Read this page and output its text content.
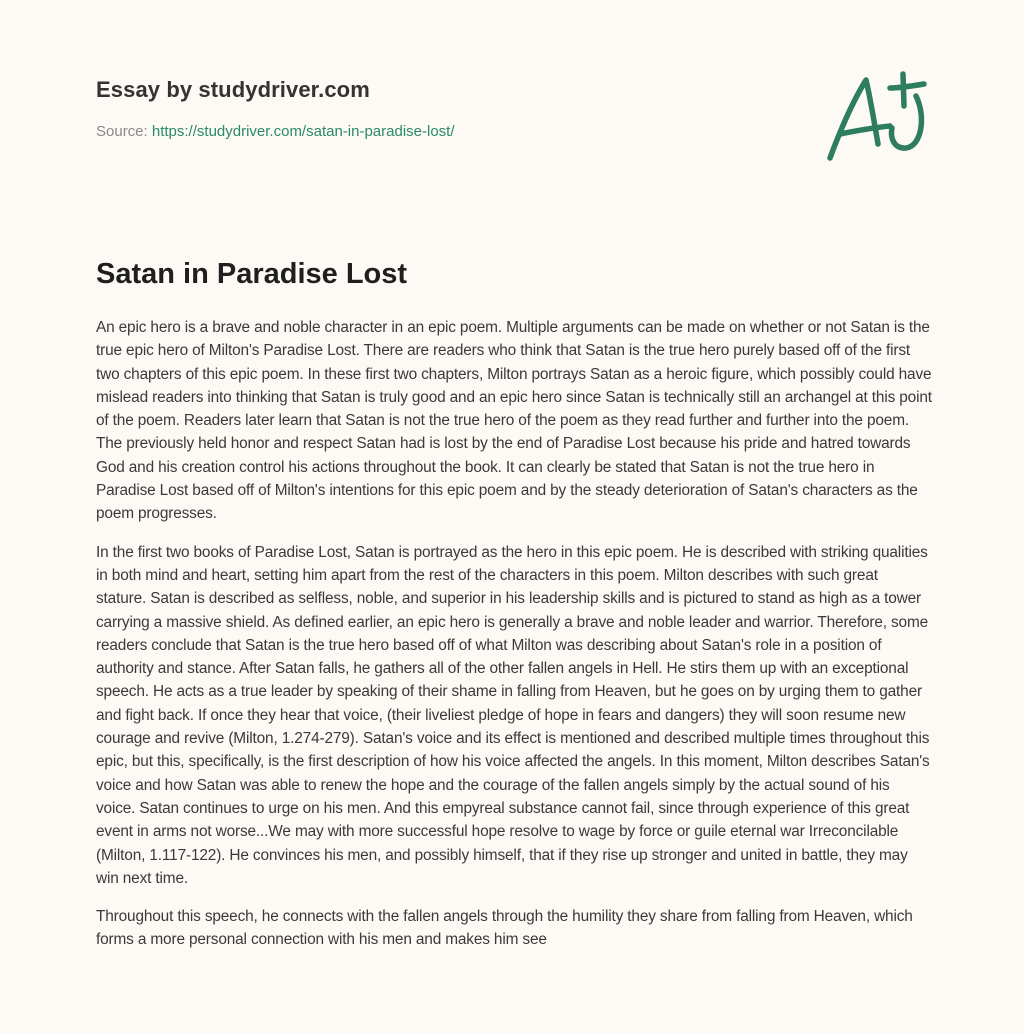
Essay by studydriver.com
Source: https://studydriver.com/satan-in-paradise-lost/
Satan in Paradise Lost

An epic hero is a brave and noble character in an epic poem. Multiple arguments can be made on whether or not Satan is the true epic hero of Milton's Paradise Lost. There are readers who think that Satan is the true hero purely based off of the first two chapters of this epic poem. In these first two chapters, Milton portrays Satan as a heroic figure, which possibly could have mislead readers into thinking that Satan is truly good and an epic hero since Satan is technically still an archangel at this point of the poem. Readers later learn that Satan is not the true hero of the poem as they read further and further into the poem. The previously held honor and respect Satan had is lost by the end of Paradise Lost because his pride and hatred towards God and his creation control his actions throughout the book. It can clearly be stated that Satan is not the true hero in Paradise Lost based off of Milton's intentions for this epic poem and by the steady deterioration of Satan's characters as the poem progresses.

In the first two books of Paradise Lost, Satan is portrayed as the hero in this epic poem. He is described with striking qualities in both mind and heart, setting him apart from the rest of the characters in this poem. Milton describes with such great stature. Satan is described as selfless, noble, and superior in his leadership skills and is pictured to stand as high as a tower carrying a massive shield. As defined earlier, an epic hero is generally a brave and noble leader and warrior. Therefore, some readers conclude that Satan is the true hero based off of what Milton was describing about Satan's role in a position of authority and stance. After Satan falls, he gathers all of the other fallen angels in Hell. He stirs them up with an exceptional speech. He acts as a true leader by speaking of their shame in falling from Heaven, but he goes on by urging them to gather and fight back. If once they hear that voice, (their liveliest pledge of hope in fears and dangers) they will soon resume new courage and revive (Milton, 1.274-279). Satan's voice and its effect is mentioned and described multiple times throughout this epic, but this, specifically, is the first description of how his voice affected the angels. In this moment, Milton describes Satan's voice and how Satan was able to renew the hope and the courage of the fallen angels simply by the actual sound of his voice. Satan continues to urge on his men. And this empyreal substance cannot fail, since through experience of this great event in arms not worse...We may with more successful hope resolve to wage by force or guile eternal war Irreconcilable (Milton, 1.117-122). He convinces his men, and possibly himself, that if they rise up stronger and united in battle, they may win next time.

Throughout this speech, he connects with the fallen angels through the humility they share from falling from Heaven, which forms a more personal connection with his men and makes him see
